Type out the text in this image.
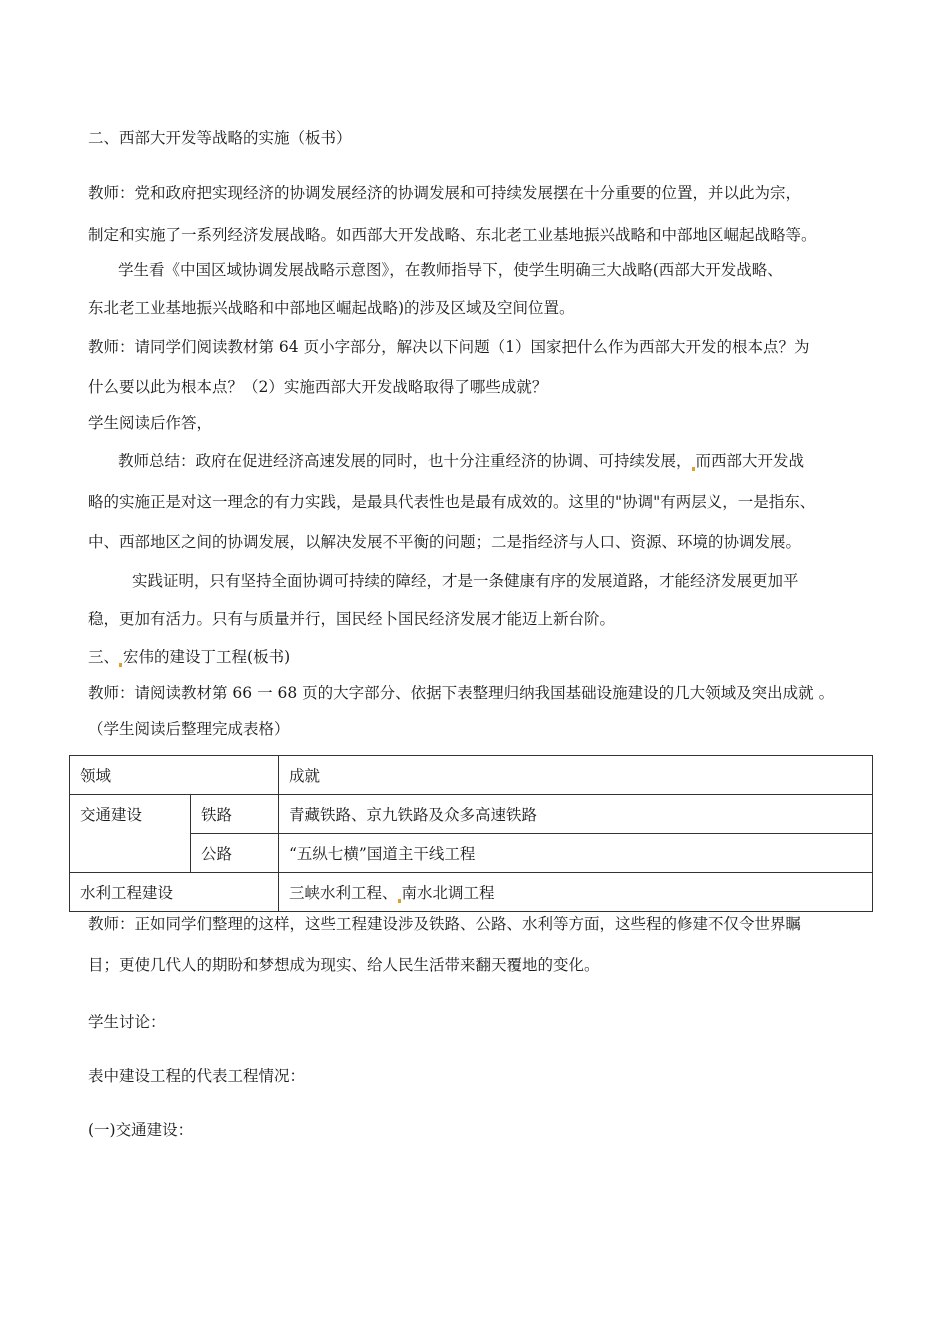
二、西部大开发等战略的实施（板书）
教师：党和政府把实现经济的协调发展经济的协调发展和可持续发展摆在十分重要的位置，并以此为宗，
制定和实施了一系列经济发展战略。如西部大开发战略、东北老工业基地振兴战略和中部地区崛起战略等。
学生看《中国区域协调发展战略示意图》，在教师指导下，使学生明确三大战略(西部大开发战略、
东北老工业基地振兴战略和中部地区崛起战略)的涉及区域及空间位置。
教师：请同学们阅读教材第 64 页小字部分，解决以下问题（1）国家把什么作为西部大开发的根本点？为
什么要以此为根本点？（2）实施西部大开发战略取得了哪些成就？
学生阅读后作答，
教师总结：政府在促进经济高速发展的同时，也十分注重经济的协调、可持续发展， 而西部大开发战
略的实施正是对这一理念的有力实践，是最具代表性也是最有成效的。这里的"协调"有两层义，一是指东、
中、西部地区之间的协调发展，以解决发展不平衡的问题；二是指经济与人口、资源、环境的协调发展。
实践证明，只有坚持全面协调可持续的障经，才是一条健康有序的发展道路，才能经济发展更加平
稳，更加有活力。只有与质量并行，国民经卜国民经济发展才能迈上新台阶。
三、 宏伟的建设丁工程(板书)
教师：请阅读教材第 66 一 68 页的大字部分、依据下表整理归纳我国基础设施建设的几大领域及突出成就 。
（学生阅读后整理完成表格）
领域		成就
交通建设	铁路	青藏铁路、京九铁路及众多高速铁路
	公路	“五纵七横”国道主干线工程
水利工程建设		三峡水利工程、 南水北调工程
教师：正如同学们整理的这样，这些工程建设涉及铁路、公路、水利等方面，这些程的修建不仅令世界瞩
目；更使几代人的期盼和梦想成为现实、给人民生活带来翻天覆地的变化。
学生讨论：
表中建设工程的代表工程情况：
(一)交通建设：
